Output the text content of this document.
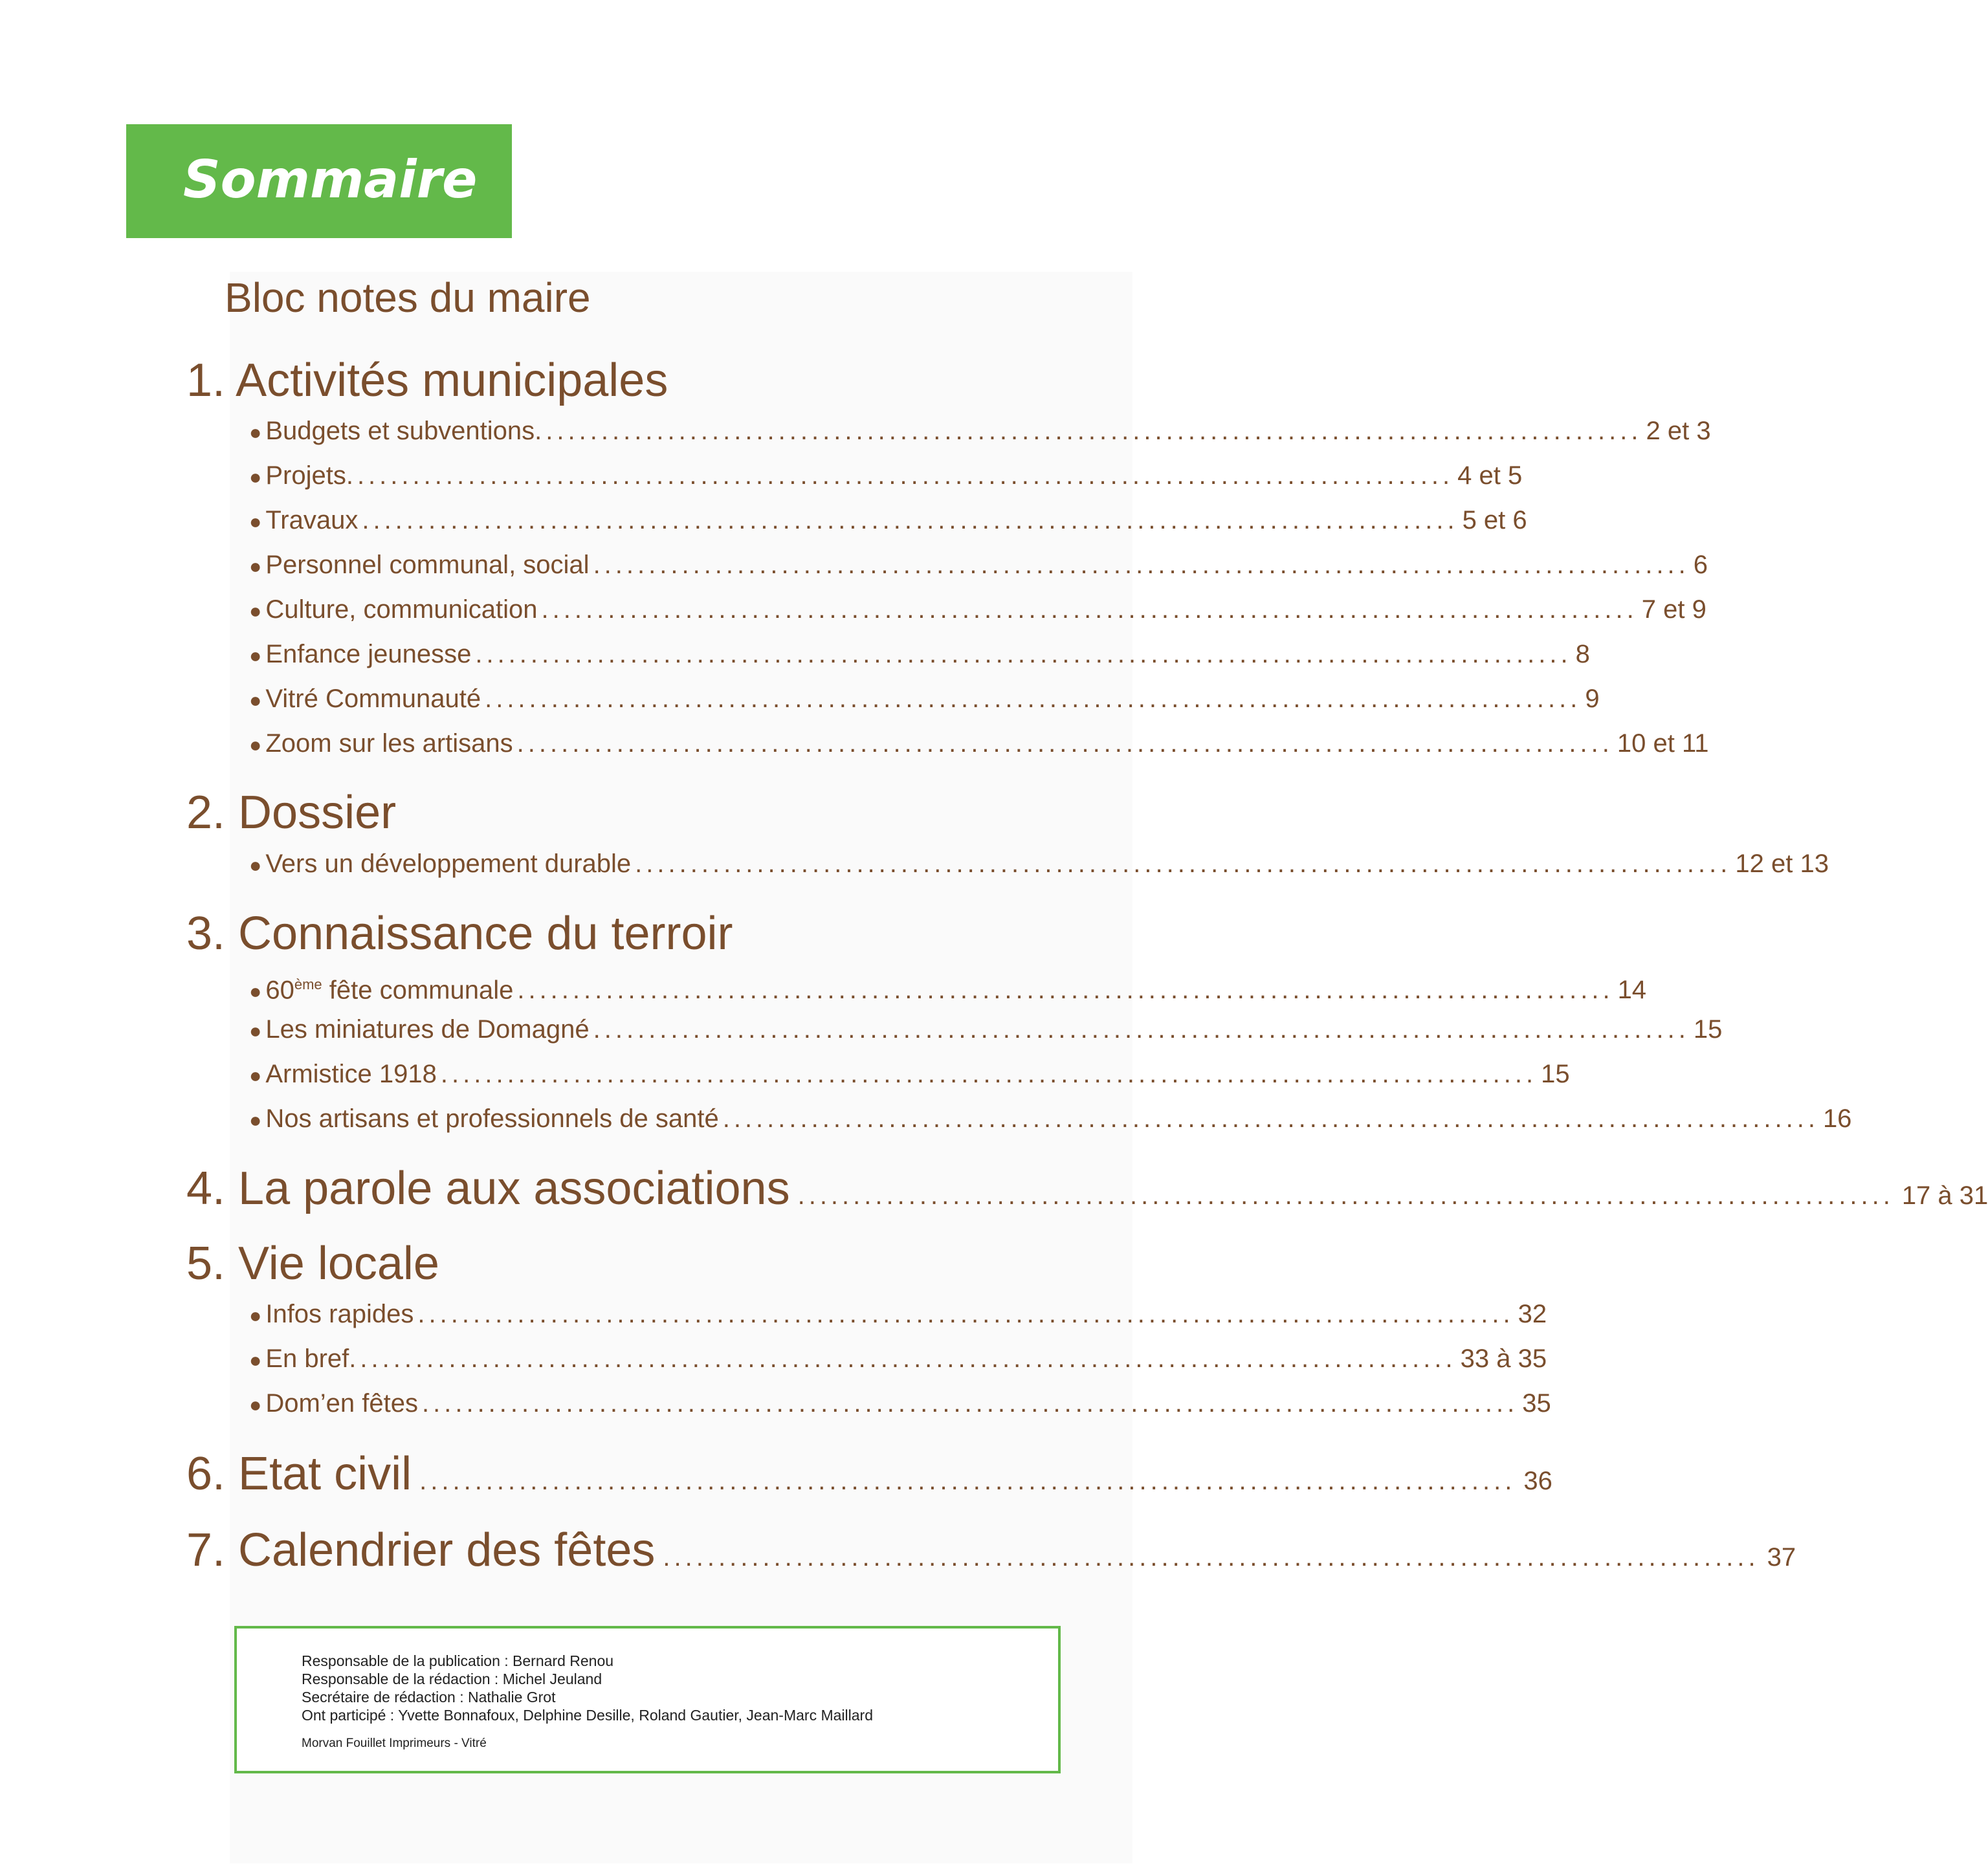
Sommaire
Bloc notes du maire
1. Activités municipales
● Budgets et subventions. ................................................................................................... 2 et 3
● Projets. ................................................................................................... 4 et 5
● Travaux ................................................................................................... 5 et 6
● Personnel communal, social ................................................................................................... 6
● Culture, communication ................................................................................................... 7 et 9
● Enfance jeunesse ................................................................................................... 8
● Vitré Communauté ................................................................................................... 9
● Zoom sur les artisans ................................................................................................... 10 et 11
2. Dossier
● Vers un développement durable ................................................................................................... 12 et 13
3. Connaissance du terroir
● 60ème fête communale ................................................................................................... 14
● Les miniatures de Domagné ................................................................................................... 15
● Armistice 1918 ................................................................................................... 15
● Nos artisans et professionnels de santé ................................................................................................... 16
4. La parole aux associations ................................................................................................... 17 à 31
5. Vie locale
● Infos rapides ................................................................................................... 32
● En bref. ................................................................................................... 33 à 35
● Dom’en fêtes ................................................................................................... 35
6. Etat civil ................................................................................................... 36
7. Calendrier des fêtes ................................................................................................... 37
Responsable de la publication : Bernard Renou
Responsable de la rédaction : Michel Jeuland
Secrétaire de rédaction : Nathalie Grot
Ont participé : Yvette Bonnafoux, Delphine Desille, Roland Gautier, Jean-Marc Maillard
Morvan Fouillet Imprimeurs - Vitré
